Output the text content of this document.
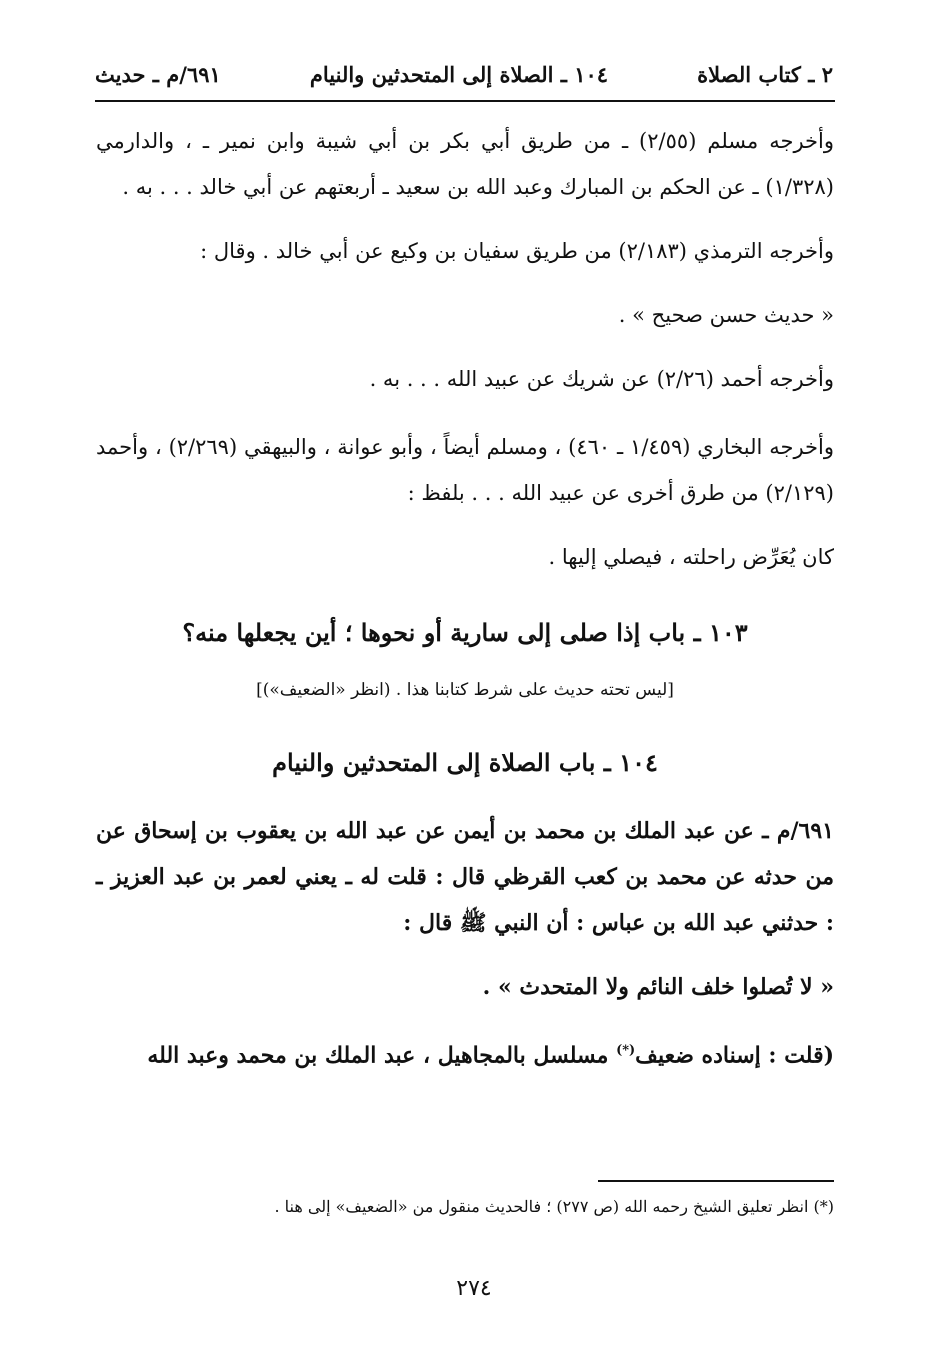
٢ ـ كتاب الصلاة
١٠٤ ـ الصلاة إلى المتحدثين والنيام
٦٩١/م ـ حديث

وأخرجه مسلم (٢/٥٥) ـ من طريق أبي بكر بن أبي شيبة وابن نمير ـ ، والدارمي (١/٣٢٨) ـ عن الحكم بن المبارك وعبد الله بن سعيد ـ أربعتهم عن أبي خالد . . . به .

وأخرجه الترمذي (٢/١٨٣) من طريق سفيان بن وكيع عن أبي خالد . وقال :

« حديث حسن صحيح » .

وأخرجه أحمد (٢/٢٦) عن شريك عن عبيد الله . . . به .

وأخرجه البخاري (١/٤٥٩ ـ ٤٦٠) ، ومسلم أيضاً ، وأبو عوانة ، والبيهقي (٢/٢٦٩) ، وأحمد (٢/١٢٩) من طرق أخرى عن عبيد الله . . . بلفظ :

كان يُعَرِّض راحلته ، فيصلي إليها .

١٠٣ ـ باب إذا صلى إلى سارية أو نحوها ؛ أين يجعلها منه؟

[ليس تحته حديث على شرط كتابنا هذا . (انظر «الضعيف»)]

١٠٤ ـ باب الصلاة إلى المتحدثين والنيام

٦٩١/م ـ عن عبد الملك بن محمد بن أيمن عن عبد الله بن يعقوب بن إسحاق عن من حدثه عن محمد بن كعب القرظي قال : قلت له ـ يعني لعمر بن عبد العزيز ـ : حدثني عبد الله بن عباس : أن النبي ﷺ قال :

« لا تُصلوا خلف النائم ولا المتحدث » .

(قلت : إسناده ضعيف(*) مسلسل بالمجاهيل ، عبد الملك بن محمد وعبد الله

(*) انظر تعليق الشيخ رحمه الله (ص ٢٧٧) ؛ فالحديث منقول من «الضعيف» إلى هنا .
٢٧٤
